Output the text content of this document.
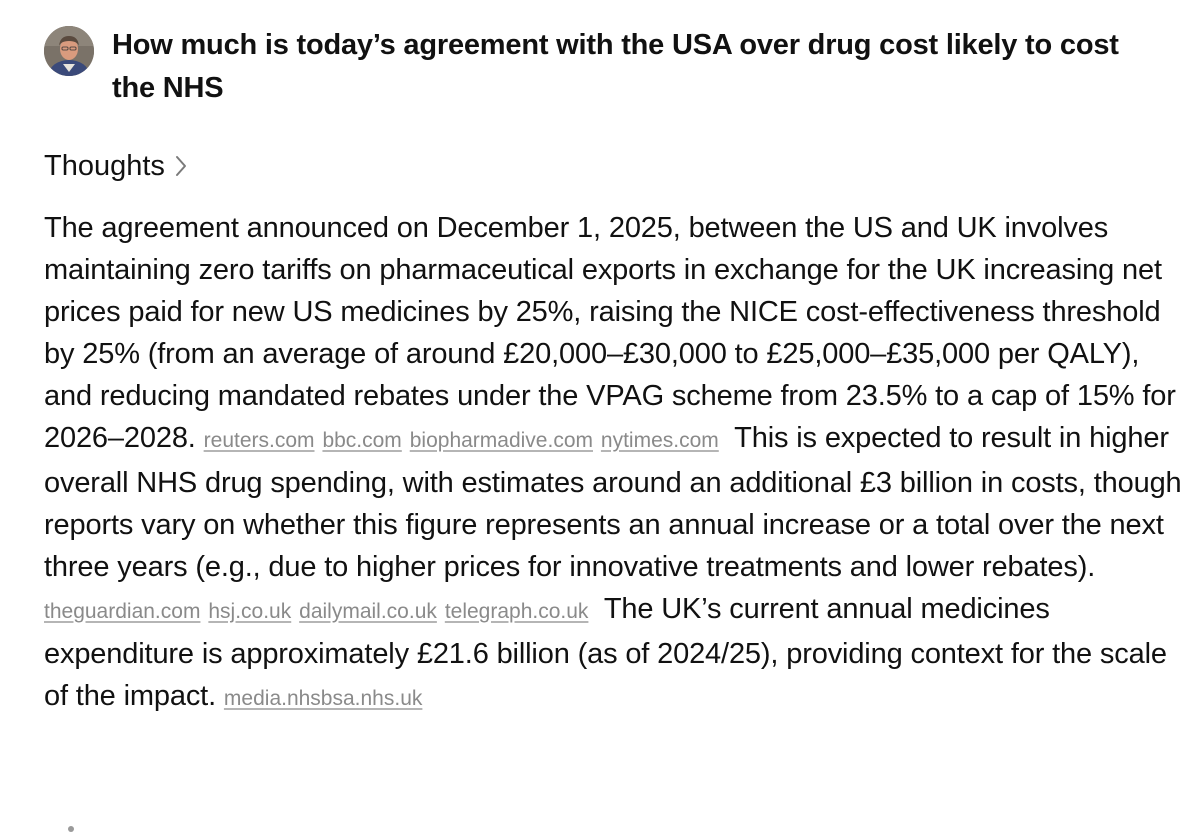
How much is today’s agreement with the USA over drug cost likely to cost the NHS
Thoughts

The agreement announced on December 1, 2025, between the US and UK involves maintaining zero tariffs on pharmaceutical exports in exchange for the UK increasing net prices paid for new US medicines by 25%, raising the NICE cost-effectiveness threshold by 25% (from an average of around £20,000–£30,000 to £25,000–£35,000 per QALY), and reducing mandated rebates under the VPAG scheme from 23.5% to a cap of 15% for 2026–2028. reuters.com bbc.com biopharmadive.com nytimes.com This is expected to result in higher overall NHS drug spending, with estimates around an additional £3 billion in costs, though reports vary on whether this figure represents an annual increase or a total over the next three years (e.g., due to higher prices for innovative treatments and lower rebates). theguardian.com hsj.co.uk dailymail.co.uk telegraph.co.uk The UK’s current annual medicines expenditure is approximately £21.6 billion (as of 2024/25), providing context for the scale of the impact. media.nhsbsa.nhs.uk
